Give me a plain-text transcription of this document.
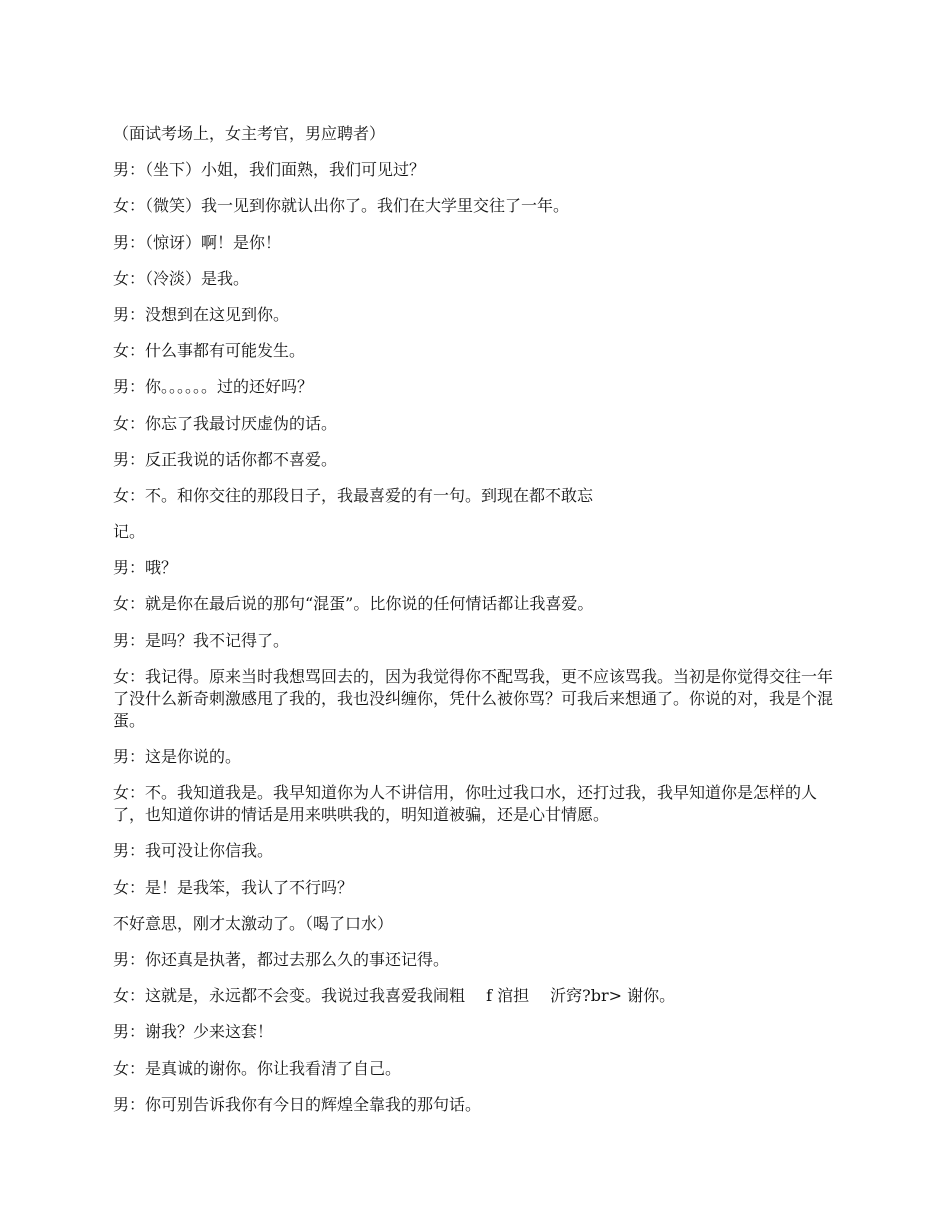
（面试考场上，女主考官，男应聘者）

男：（坐下）小姐，我们面熟，我们可见过？

女：（微笑）我一见到你就认出你了。我们在大学里交往了一年。

男：（惊讶）啊！是你！

女：（冷淡）是我。

男：没想到在这见到你。

女：什么事都有可能发生。

男：你。。。。。。过的还好吗？

女：你忘了我最讨厌虚伪的话。

男：反正我说的话你都不喜爱。

女：不。和你交往的那段日子，我最喜爱的有一句。到现在都不敢忘

记。

男：哦？

女：就是你在最后说的那句“混蛋”。比你说的任何情话都让我喜爱。

男：是吗？我不记得了。

女：我记得。原来当时我想骂回去的，因为我觉得你不配骂我，更不应该骂我。当初是你觉得交往一年了没什么新奇刺激感甩了我的，我也没纠缠你，凭什么被你骂？可我后来想通了。你说的对，我是个混蛋。

男：这是你说的。

女：不。我知道我是。我早知道你为人不讲信用，你吐过我口水，还打过我，我早知道你是怎样的人了，也知道你讲的情话是用来哄哄我的，明知道被骗，还是心甘情愿。

男：我可没让你信我。

女：是！是我笨，我认了不行吗？

不好意思，刚才太激动了。（喝了口水）

男：你还真是执著，都过去那么久的事还记得。

女：这就是，永远都不会变。我说过我喜爱我闹粗　 f 涫担　 沂窍?br> 谢你。

男：谢我？少来这套！

女：是真诚的谢你。你让我看清了自己。

男：你可别告诉我你有今日的辉煌全靠我的那句话。
